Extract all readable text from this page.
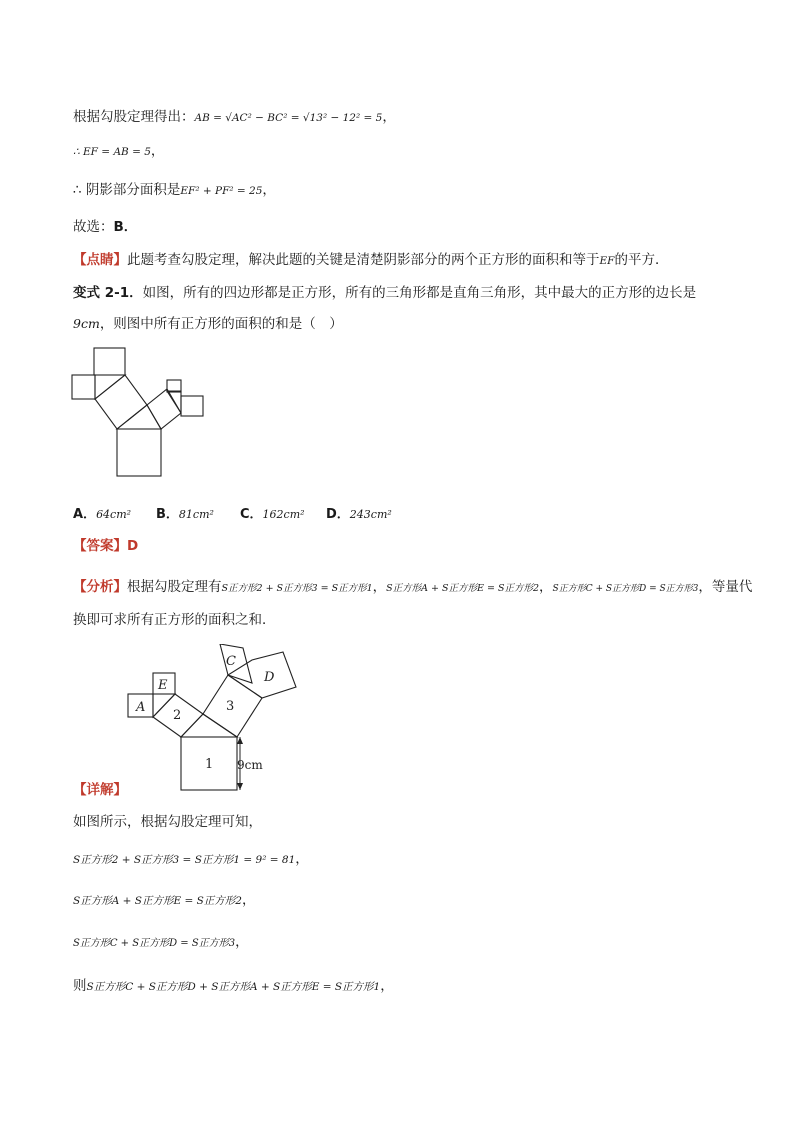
根据勾股定理得出：AB = √AC² − BC² = √13² − 12² = 5，
∴ EF = AB = 5，
∴ 阴影部分面积是EF² + PF² = 25，
故选：B．
【点睛】此题考查勾股定理，解决此题的关键是清楚阴影部分的两个正方形的面积和等于EF的平方．
变式 2-1．如图，所有的四边形都是正方形，所有的三角形都是直角三角形，其中最大的正方形的边长是
9cm，则图中所有正方形的面积的和是（　）
A．64cm² B．81cm² C．162cm² D．243cm²
【答案】D
【分析】根据勾股定理有S正方形2 + S正方形3 = S正方形1，S正方形A + S正方形E = S正方形2，S正方形C + S正方形D = S正方形3，等量代
换即可求所有正方形的面积之和．
A
E
C
D
2
3
1 9cm
【详解】
如图所示，根据勾股定理可知，
S正方形2 + S正方形3 = S正方形1 = 9² = 81，
S正方形A + S正方形E = S正方形2，
S正方形C + S正方形D = S正方形3，
则S正方形C + S正方形D + S正方形A + S正方形E = S正方形1，
